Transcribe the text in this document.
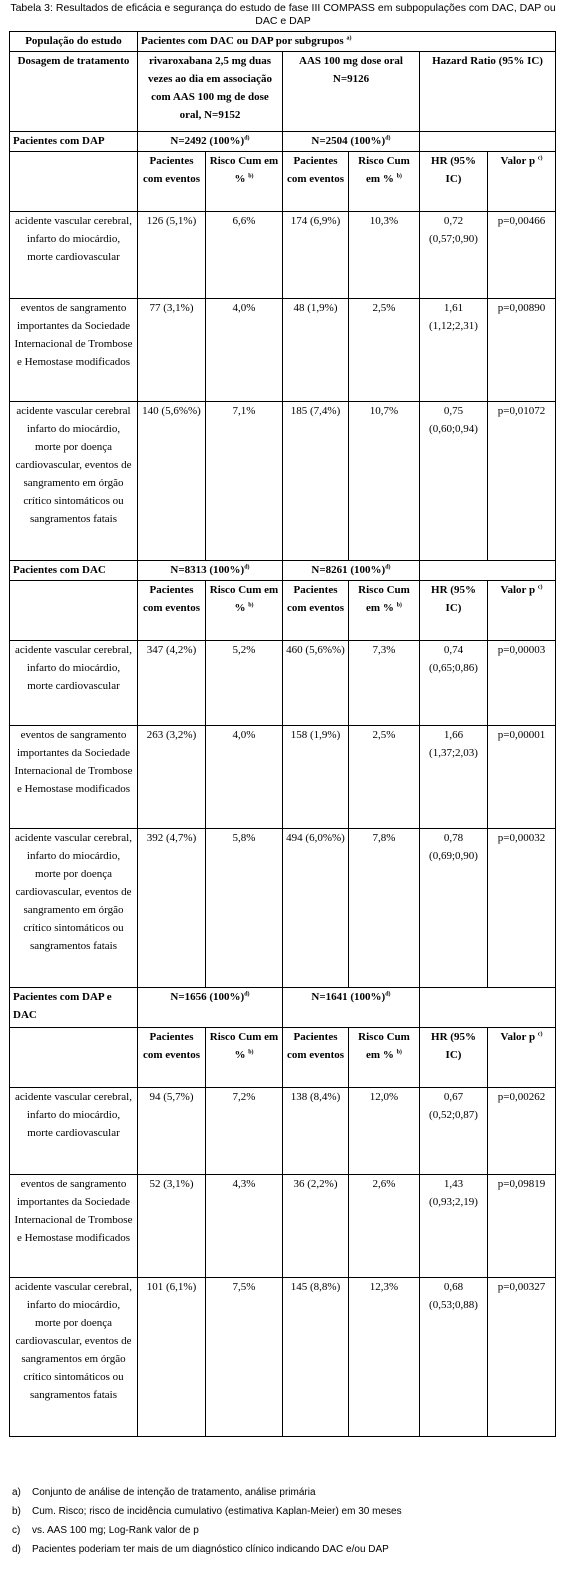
Tabela 3: Resultados de eficácia e segurança do estudo de fase III COMPASS em subpopulações com DAC, DAP ou DAC e DAP
População do estudo	Pacientes com DAC ou DAP por subgrupos $^{a)}$
Dosagem de tratamento	rivaroxabana 2,5 mg duas vezes ao dia em associação com AAS 100 mg de dose oral, N=9152		AAS 100 mg dose oral N=9126		Hazard Ratio (95% IC)	
Pacientes com DAP	N=2492 $(100\%)^{d)}$		N=2504 $(100\%)^{d)}$	
	Pacientes com eventos	Risco Cum em % $^{b)}$	Pacientes com eventos	Risco Cum em % $^{b)}$	HR (95% IC)	Valor p $^{c)}$
acidente vascular cerebral, infarto do miocárdio, morte cardiovascular	126 (5,1%)	6,6%	174 (6,9%)	10,3%	0,72 (0,57;0,90)	p=0,00466
eventos de sangramento importantes da Sociedade Internacional de Trombose e Hemostase modificados	77 (3,1%)	4,0%	48 (1,9%)	2,5%	1,61 (1,12;2,31)	p=0,00890
acidente vascular cerebral infarto do miocárdio, morte por doença cardiovascular, eventos de sangramento em órgão crítico sintomáticos ou sangramentos fatais	140 (5,6%%)	7,1%	185 (7,4%)	10,7%	0,75 (0,60;0,94)	p=0,01072
Pacientes com DAC	N=8313 $(100\%)^{d)}$		N=8261 $(100\%)^{d)}$	
	Pacientes com eventos	Risco Cum em % $^{b)}$	Pacientes com eventos	Risco Cum em % $^{b)}$	HR (95% IC)	Valor p $^{c)}$
acidente vascular cerebral, infarto do miocárdio, morte cardiovascular	347 (4,2%)	5,2%	460 (5,6%%)	7,3%	0,74 (0,65;0,86)	p=0,00003
eventos de sangramento importantes da Sociedade Internacional de Trombose e Hemostase modificados	263 (3,2%)	4,0%	158 (1,9%)	2,5%	1,66 (1,37;2,03)	p=0,00001
acidente vascular cerebral, infarto do miocárdio, morte por doença cardiovascular, eventos de sangramento em órgão crítico sintomáticos ou sangramentos fatais	392 (4,7%)	5,8%	494 (6,0%%)	7,8%	0,78 (0,69;0,90)	p=0,00032
Pacientes com DAP e DAC	N=1656 $(100\%)^{d)}$		N=1641 $(100\%)^{d)}$	
	Pacientes com eventos	Risco Cum em % $^{b)}$	Pacientes com eventos	Risco Cum em % $^{b)}$	HR (95% IC)	Valor p $^{c)}$
acidente vascular cerebral, infarto do miocárdio, morte cardiovascular	94 (5,7%)	7,2%	138 (8,4%)	12,0%	0,67 (0,52;0,87)	p=0,00262
eventos de sangramento importantes da Sociedade Internacional de Trombose e Hemostase modificados	52 (3,1%)	4,3%	36 (2,2%)	2,6%	1,43 (0,93;2,19)	p=0,09819
acidente vascular cerebral, infarto do miocárdio, morte por doença cardiovascular, eventos de sangramentos em órgão crítico sintomáticos ou sangramentos fatais	101 (6,1%)	7,5%	145 (8,8%)	12,3%	0,68 (0,53;0,88)	p=0,00327
a)	Conjunto de análise de intenção de tratamento, análise primária
b)	Cum. Risco; risco de incidência cumulativo (estimativa Kaplan-Meier) em 30 meses
c)	vs. AAS 100 mg; Log-Rank valor de p
d)	Pacientes poderiam ter mais de um diagnóstico clínico indicando DAC e/ou DAP
